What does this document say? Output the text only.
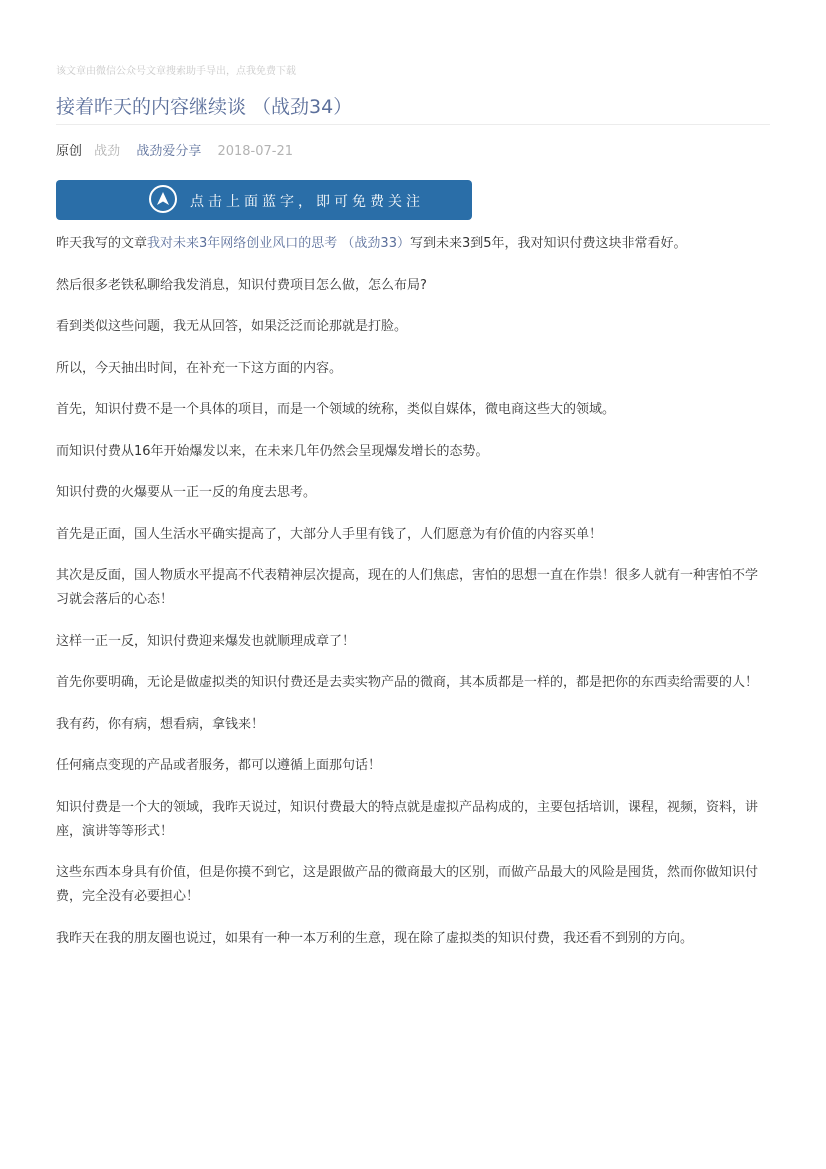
该文章由微信公众号文章搜索助手导出，点我免费下载
接着昨天的内容继续谈 （战劲34）
原创 战劲 战劲爱分享 2018-07-21
点击上面蓝字，即可免费关注

昨天我写的文章我对未来3年网络创业风口的思考 （战劲33）写到未来3到5年，我对知识付费这块非常看好。

然后很多老铁私聊给我发消息，知识付费项目怎么做，怎么布局?

看到类似这些问题，我无从回答，如果泛泛而论那就是打脸。

所以，今天抽出时间，在补充一下这方面的内容。

首先，知识付费不是一个具体的项目，而是一个领域的统称，类似自媒体，微电商这些大的领域。

而知识付费从16年开始爆发以来，在未来几年仍然会呈现爆发增长的态势。

知识付费的火爆要从一正一反的角度去思考。

首先是正面，国人生活水平确实提高了，大部分人手里有钱了，人们愿意为有价值的内容买单！

其次是反面，国人物质水平提高不代表精神层次提高，现在的人们焦虑，害怕的思想一直在作祟！很多人就有一种害怕不学习就会落后的心态！

这样一正一反，知识付费迎来爆发也就顺理成章了！

首先你要明确，无论是做虚拟类的知识付费还是去卖实物产品的微商，其本质都是一样的，都是把你的东西卖给需要的人！

我有药，你有病，想看病，拿钱来！

任何痛点变现的产品或者服务，都可以遵循上面那句话！

知识付费是一个大的领域，我昨天说过，知识付费最大的特点就是虚拟产品构成的，主要包括培训，课程，视频，资料，讲座，演讲等等形式！

这些东西本身具有价值，但是你摸不到它，这是跟做产品的微商最大的区别，而做产品最大的风险是囤货，然而你做知识付费，完全没有必要担心！

我昨天在我的朋友圈也说过，如果有一种一本万利的生意，现在除了虚拟类的知识付费，我还看不到别的方向。
